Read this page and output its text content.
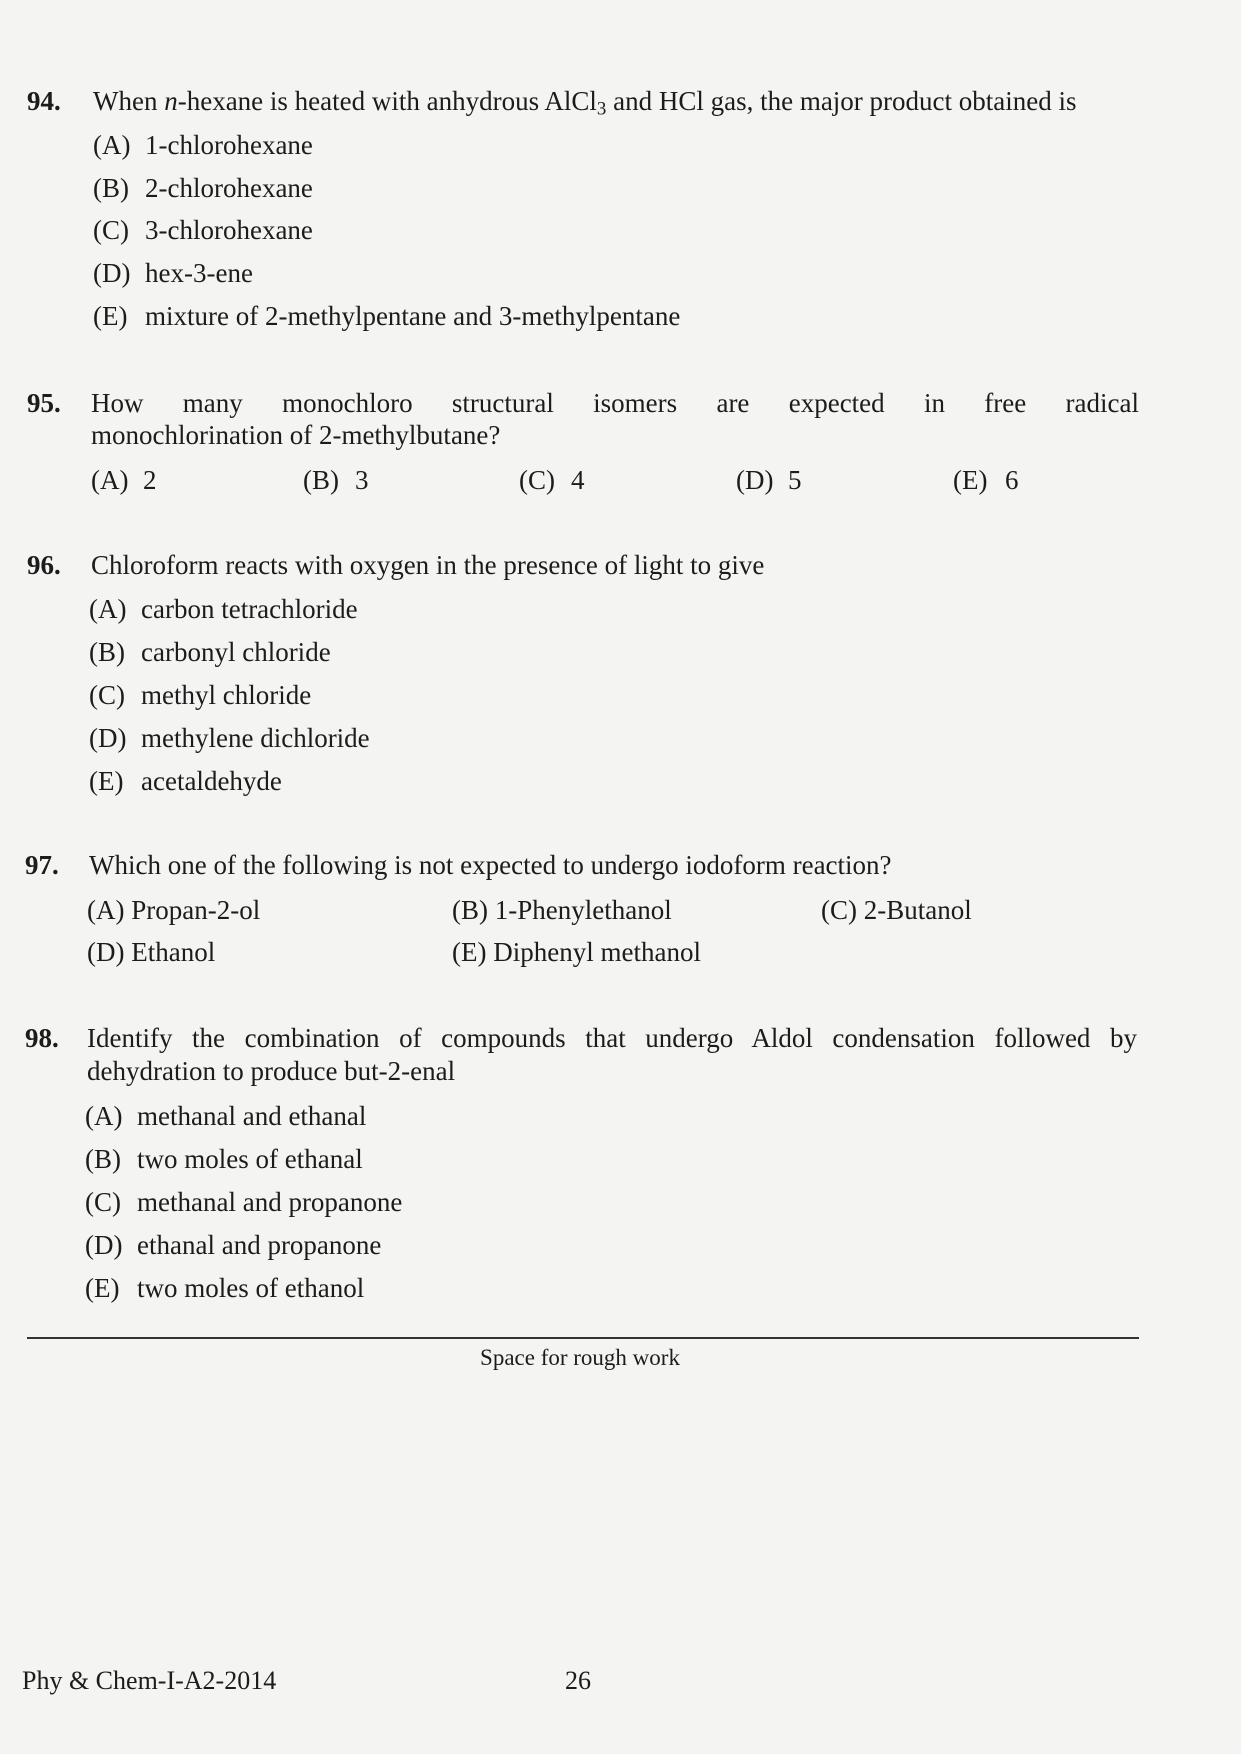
94. When n-hexane is heated with anhydrous AlCl$_3$ and HCl gas, the major product obtained is
(A) 1-chlorohexane
(B) 2-chlorohexane
(C) 3-chlorohexane
(D) hex-3-ene
(E) mixture of 2-methylpentane and 3-methylpentane
95. How many monochloro structural isomers are expected in free radical
monochlorination of 2-methylbutane?
(A) 2	(B) 3	(C) 4	(D) 5	(E) 6
96. Chloroform reacts with oxygen in the presence of light to give
(A) carbon tetrachloride
(B) carbonyl chloride
(C) methyl chloride
(D) methylene dichloride
(E) acetaldehyde
97. Which one of the following is not expected to undergo iodoform reaction?
(A) Propan-2-ol	(B) 1-Phenylethanol	(C) 2-Butanol
(D) Ethanol	(E) Diphenyl methanol
98. Identify the combination of compounds that undergo Aldol condensation followed by
dehydration to produce but-2-enal
(A) methanal and ethanal
(B) two moles of ethanal
(C) methanal and propanone
(D) ethanal and propanone
(E) two moles of ethanol
Space for rough work
Phy & Chem-I-A2-2014	26
